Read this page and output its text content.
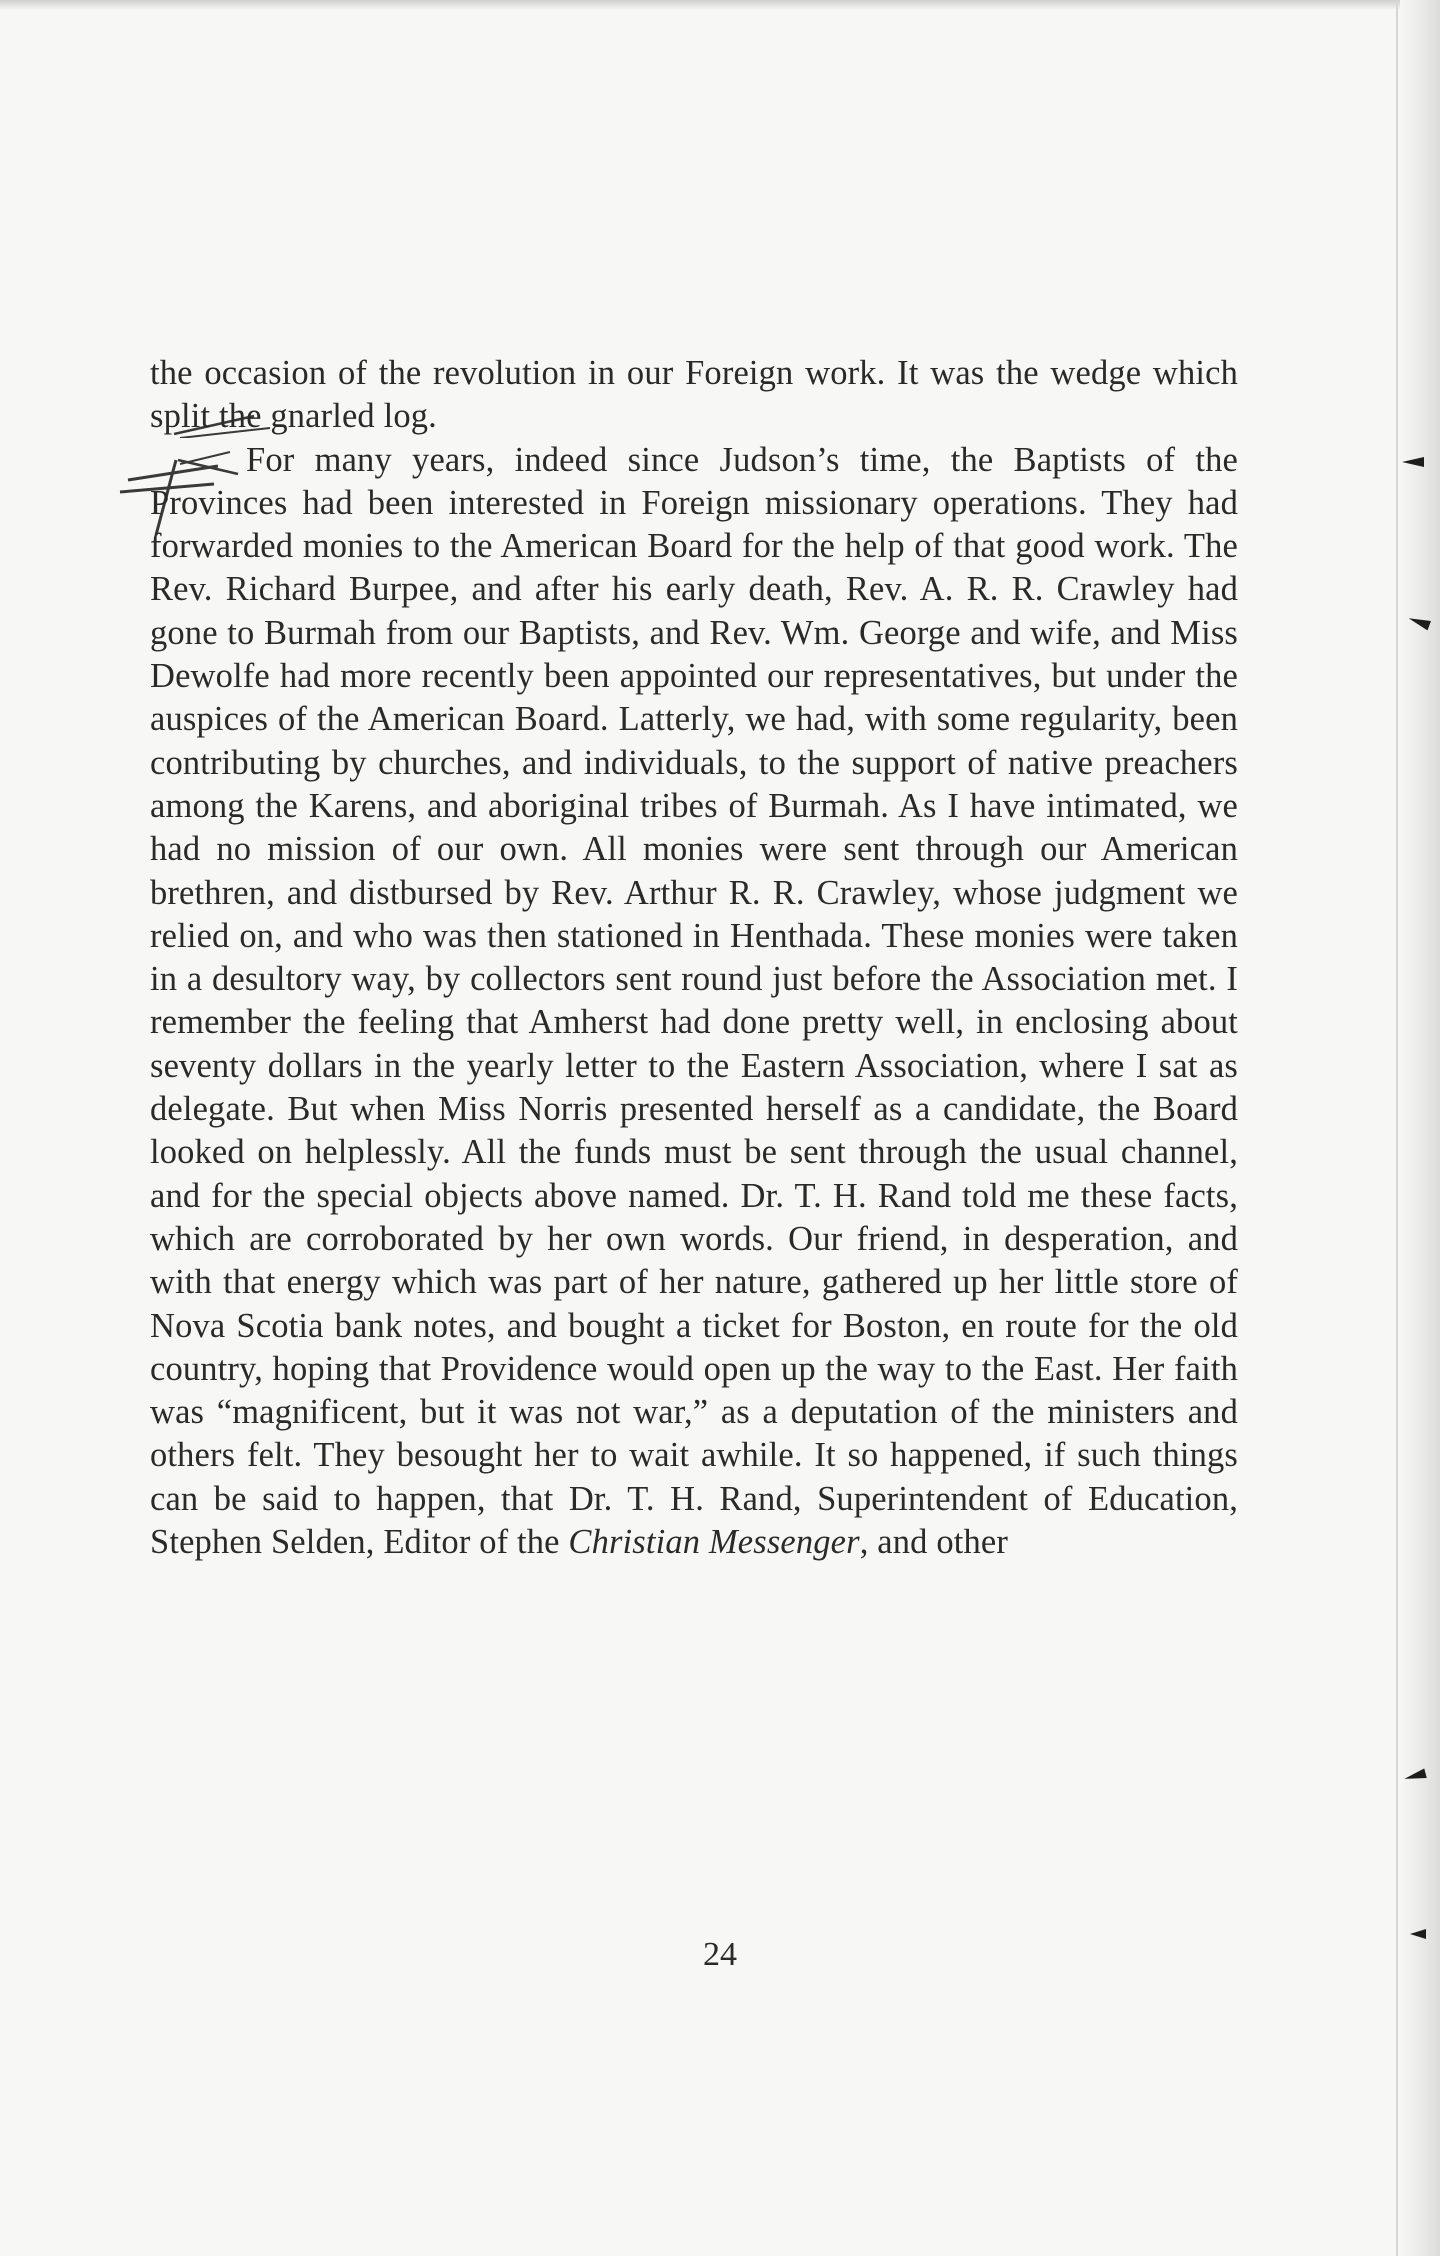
the occasion of the revolution in our Foreign work. It was the wedge which split the gnarled log.

For many years, indeed since Judson’s time, the Baptists of the Provinces had been interested in Foreign missionary operations. They had forwarded monies to the American Board for the help of that good work. The Rev. Richard Burpee, and after his early death, Rev. A. R. R. Crawley had gone to Burmah from our Baptists, and Rev. Wm. George and wife, and Miss Dewolfe had more recently been appointed our representatives, but under the auspices of the American Board. Latterly, we had, with some regularity, been contributing by churches, and individuals, to the support of native preachers among the Karens, and aboriginal tribes of Burmah. As I have intimated, we had no mission of our own. All monies were sent through our American brethren, and distbursed by Rev. Arthur R. R. Crawley, whose judgment we relied on, and who was then stationed in Henthada. These monies were taken in a desultory way, by collectors sent round just before the Association met. I remember the feeling that Amherst had done pretty well, in enclosing about seventy dollars in the yearly letter to the Eastern Association, where I sat as delegate. But when Miss Norris presented herself as a candidate, the Board looked on helplessly. All the funds must be sent through the usual channel, and for the special objects above named. Dr. T. H. Rand told me these facts, which are corroborated by her own words. Our friend, in desperation, and with that energy which was part of her nature, gathered up her little store of Nova Scotia bank notes, and bought a ticket for Boston, en route for the old country, hoping that Providence would open up the way to the East. Her faith was “magnificent, but it was not war,” as a deputation of the ministers and others felt. They besought her to wait awhile. It so happened, if such things can be said to happen, that Dr. T. H. Rand, Superintendent of Education, Stephen Selden, Editor of the Christian Messenger, and other

24
